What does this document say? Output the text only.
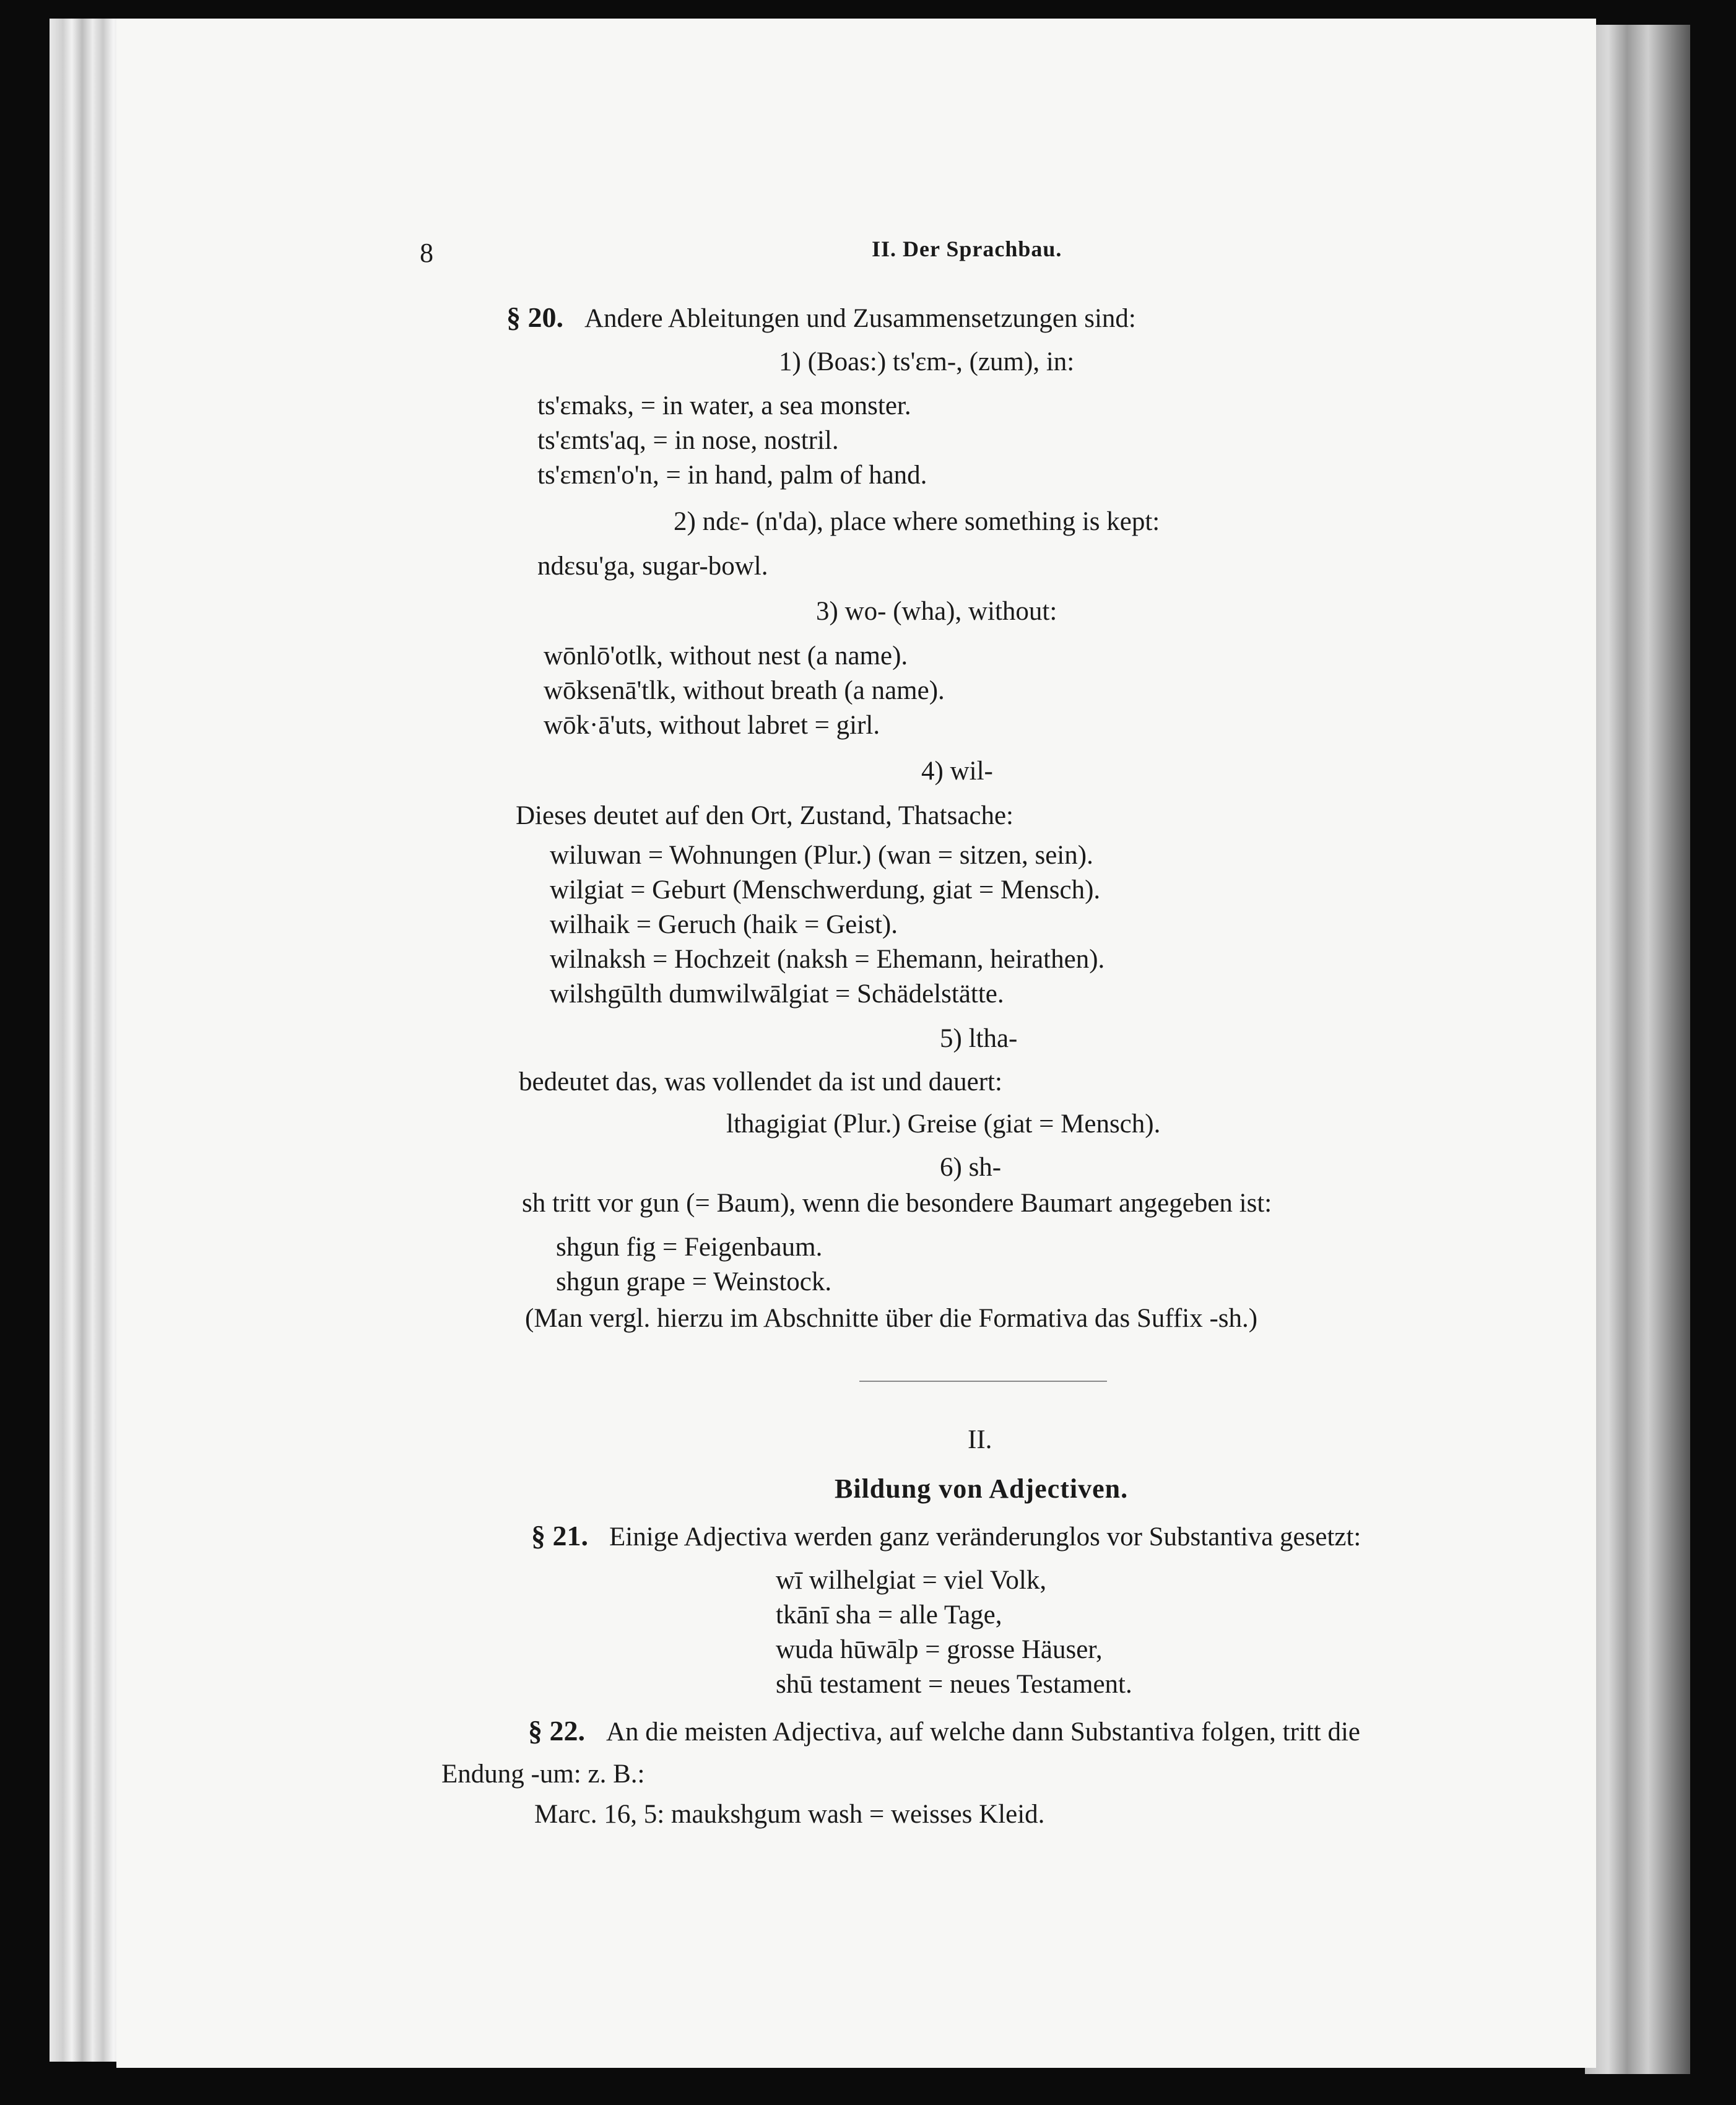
8	II. Der Sprachbau.
§ 20. Andere Ableitungen und Zusammensetzungen sind:
1) (Boas:) ts'ɛm-, (zum), in:
ts'ɛmaks, = in water, a sea monster.
ts'ɛmts'aq, = in nose, nostril.
ts'ɛmɛn'o'n, = in hand, palm of hand.
2) ndɛ- (n'da), place where something is kept:
ndɛsu'ga, sugar-bowl.
3) wo- (wha), without:
wōnlō'otlk, without nest (a name).
wōksenā'tlk, without breath (a name).
wōk·ā'uts, without labret = girl.
4) wil-
Dieses deutet auf den Ort, Zustand, Thatsache:
wiluwan = Wohnungen (Plur.) (wan = sitzen, sein).
wilgiat = Geburt (Menschwerdung, giat = Mensch).
wilhaik = Geruch (haik = Geist).
wilnaksh = Hochzeit (naksh = Ehemann, heirathen).
wilshgūlth dumwilwālgiat = Schädelstätte.
5) ltha-
bedeutet das, was vollendet da ist und dauert:
lthagigiat (Plur.) Greise (giat = Mensch).
6) sh-
sh tritt vor gun (= Baum), wenn die besondere Baumart angegeben ist:
shgun fig = Feigenbaum.
shgun grape = Weinstock.
(Man vergl. hierzu im Abschnitte über die Formativa das Suffix -sh.)
II.
Bildung von Adjectiven.
§ 21. Einige Adjectiva werden ganz veränderunglos vor Substantiva gesetzt:
wī wilhelgiat = viel Volk,
tkānī sha = alle Tage,
wuda hūwālp = grosse Häuser,
shū testament = neues Testament.
§ 22. An die meisten Adjectiva, auf welche dann Substantiva folgen, tritt die
Endung -um: z. B.:
Marc. 16, 5: maukshgum wash = weisses Kleid.
